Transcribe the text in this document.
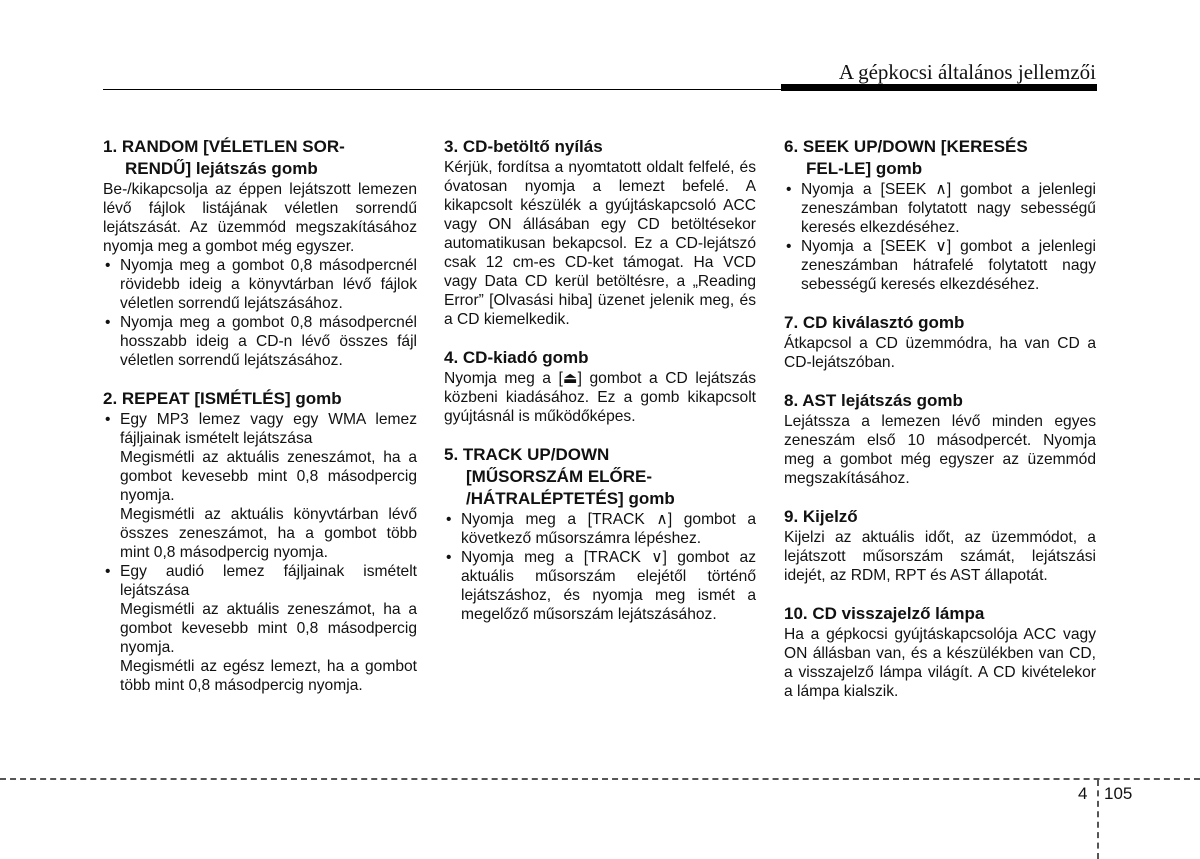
A gépkocsi általános jellemzői
1. RANDOM [VÉLETLEN SOR-
RENDŰ] lejátszás gomb
Be-/kikapcsolja az éppen lejátszott lemezen lévő fájlok listájának véletlen sorrendű lejátszását. Az üzemmód megszakításához nyomja meg a gombot még egyszer.
• Nyomja meg a gombot 0,8 másodpercnél rövidebb ideig a könyvtárban lévő fájlok véletlen sorrendű lejátszásához.
• Nyomja meg a gombot 0,8 másodpercnél hosszabb ideig a CD-n lévő összes fájl véletlen sorrendű lejátszásához.
2. REPEAT [ISMÉTLÉS] gomb
• Egy MP3 lemez vagy egy WMA lemez fájljainak ismételt lejátszása
Megismétli az aktuális zeneszámot, ha a gombot kevesebb mint 0,8 másodpercig nyomja.
Megismétli az aktuális könyvtárban lévő összes zeneszámot, ha a gombot több mint 0,8 másodpercig nyomja.
• Egy audió lemez fájljainak ismételt lejátszása
Megismétli az aktuális zeneszámot, ha a gombot kevesebb mint 0,8 másodpercig nyomja.
Megismétli az egész lemezt, ha a gombot több mint 0,8 másodpercig nyomja.
3. CD-betöltő nyílás
Kérjük, fordítsa a nyomtatott oldalt felfelé, és óvatosan nyomja a lemezt befelé. A kikapcsolt készülék a gyújtáskapcsoló ACC vagy ON állásában egy CD betöltésekor automatikusan bekapcsol. Ez a CD-lejátszó csak 12 cm-es CD-ket támogat. Ha VCD vagy Data CD kerül betöltésre, a „Reading Error” [Olvasási hiba] üzenet jelenik meg, és a CD kiemelkedik.
4. CD-kiadó gomb
Nyomja meg a [⏏] gombot a CD lejátszás közbeni kiadásához. Ez a gomb kikapcsolt gyújtásnál is működőképes.
5. TRACK UP/DOWN
[MŰSORSZÁM ELŐRE-
/HÁTRALÉPTETÉS] gomb
• Nyomja meg a [TRACK ∧] gombot a következő műsorszámra lépéshez.
• Nyomja meg a [TRACK ∨] gombot az aktuális műsorszám elejétől történő lejátszáshoz, és nyomja meg ismét a megelőző műsorszám lejátszásához.
6. SEEK UP/DOWN [KERESÉS
FEL-LE] gomb
• Nyomja a [SEEK ∧] gombot a jelenlegi zeneszámban folytatott nagy sebességű keresés elkezdéséhez.
• Nyomja a [SEEK ∨] gombot a jelenlegi zeneszámban hátrafelé folytatott nagy sebességű keresés elkezdéséhez.
7. CD kiválasztó gomb
Átkapcsol a CD üzemmódra, ha van CD a CD-lejátszóban.
8. AST lejátszás gomb
Lejátssza a lemezen lévő minden egyes zeneszám első 10 másodpercét. Nyomja meg a gombot még egyszer az üzemmód megszakításához.
9. Kijelző
Kijelzi az aktuális időt, az üzemmódot, a lejátszott műsorszám számát, lejátszási idejét, az RDM, RPT és AST állapotát.
10. CD visszajelző lámpa
Ha a gépkocsi gyújtáskapcsolója ACC vagy ON állásban van, és a készülékben van CD, a visszajelző lámpa világít. A CD kivételekor a lámpa kialszik.
4 105
